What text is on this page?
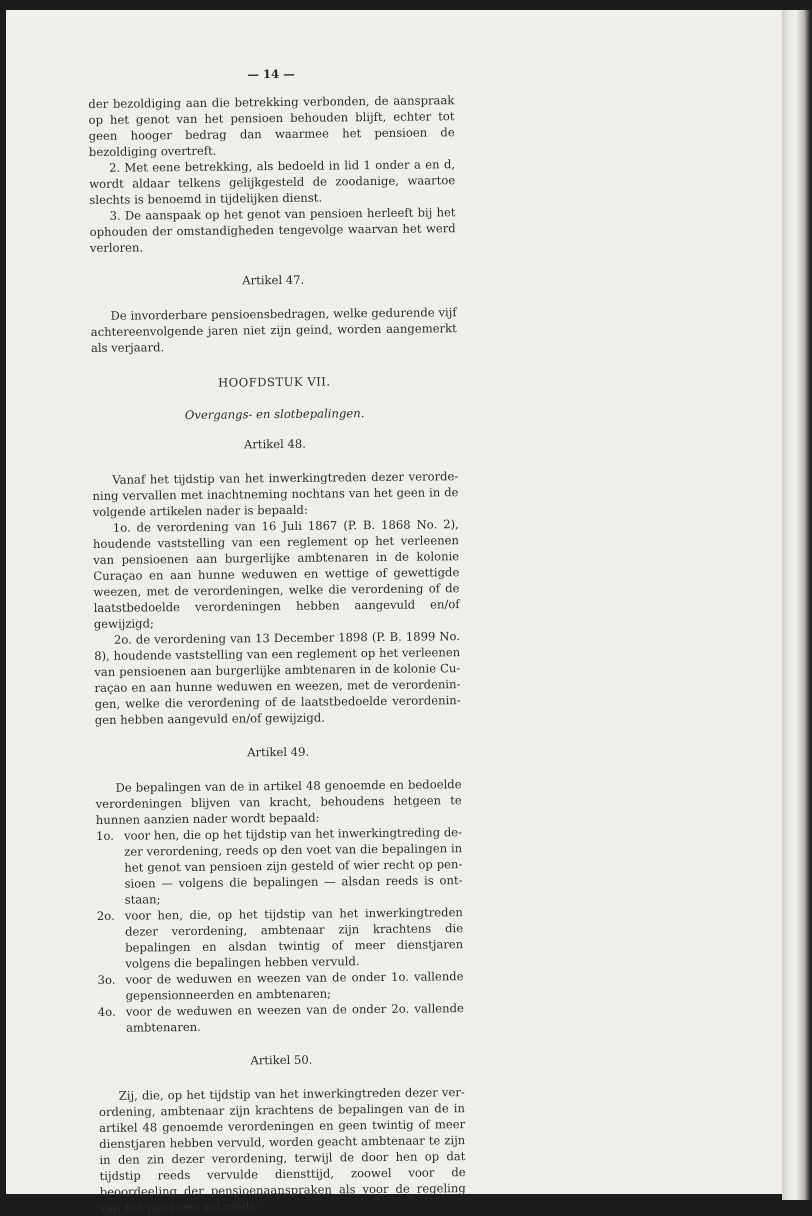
— 14 —

der bezoldiging aan die betrekking verbonden, de aanspraak op het genot van het pensioen behouden blijft, echter tot geen hooger bedrag dan waarmee het pensioen de bezoldiging overtreft.

2. Met eene betrekking, als bedoeld in lid 1 onder a en d, wordt aldaar telkens gelijkgesteld de zoodanige, waartoe slechts is benoemd in tijdelijken dienst.

3. De aanspaak op het genot van pensioen herleeft bij het ophouden der omstandigheden tengevolge waarvan het werd verloren.

Artikel 47.

De invorderbare pensioensbedragen, welke gedurende vijf achtereenvolgende jaren niet zijn geind, worden aangemerkt als verjaard.

HOOFDSTUK VII.
Overgangs- en slotbepalingen.
Artikel 48.

Vanaf het tijdstip van het inwerkingtreden dezer verordening vervallen met inachtneming nochtans van het geen in de volgende artikelen nader is bepaald:

1o. de verordening van 16 Juli 1867 (P. B. 1868 No. 2), houdende vaststelling van een reglement op het verleenen van pensioenen aan burgerlijke ambtenaren in de kolonie Curaçao en aan hunne weduwen en wettige of gewettigde weezen, met de verordeningen, welke die verordening of de laatstbedoelde verordeningen hebben aangevuld en/of gewijzigd;

2o. de verordening van 13 December 1898 (P. B. 1899 No. 8), houdende vaststelling van een reglement op het verleenen van pensioenen aan burgerlijke ambtenaren in de kolonie Curaçao en aan hunne weduwen en weezen, met de verordeningen, welke die verordening of de laatstbedoelde verordeningen hebben aangevuld en/of gewijzigd.

Artikel 49.

De bepalingen van de in artikel 48 genoemde en bedoelde verordeningen blijven van kracht, behoudens hetgeen te hunnen aanzien nader wordt bepaald:

1o. voor hen, die op het tijdstip van het inwerkingtreding dezer verordening, reeds op den voet van die bepalingen in het genot van pensioen zijn gesteld of wier recht op pensioen — volgens die bepalingen — alsdan reeds is ontstaan;
2o. voor hen, die, op het tijdstip van het inwerkingtreden dezer verordening, ambtenaar zijn krachtens die bepalingen en alsdan twintig of meer dienstjaren volgens die bepalingen hebben vervuld.
3o. voor de weduwen en weezen van de onder 1o. vallende gepensionneerden en ambtenaren;
4o. voor de weduwen en weezen van de onder 2o. vallende ambtenaren.
Artikel 50.

Zij, die, op het tijdstip van het inwerkingtreden dezer verordening, ambtenaar zijn krachtens de bepalingen van de in artikel 48 genoemde verordeningen en geen twintig of meer dienstjaren hebben vervuld, worden geacht ambtenaar te zijn in den zin dezer verordening, terwijl de door hen op dat tijdstip reeds vervulde diensttijd, zoowel voor de beoordeeling der pensioenaanspraken als voor de regeling van het pensioen zal mede-
